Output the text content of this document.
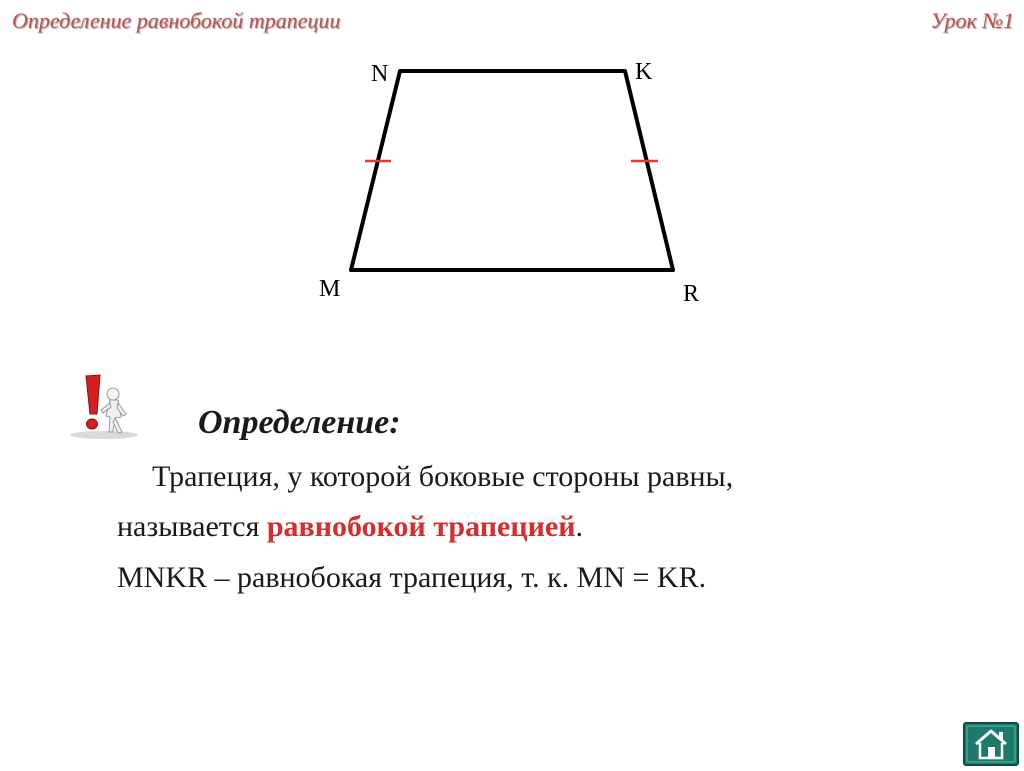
Определение равнобокой трапеции	Урок №1
N	K
M	R
Определение:
Трапеция, у которой боковые стороны равны,
называется равнобокой трапецией.
MNKR – равнобокая трапеция, т. к. MN = KR.
